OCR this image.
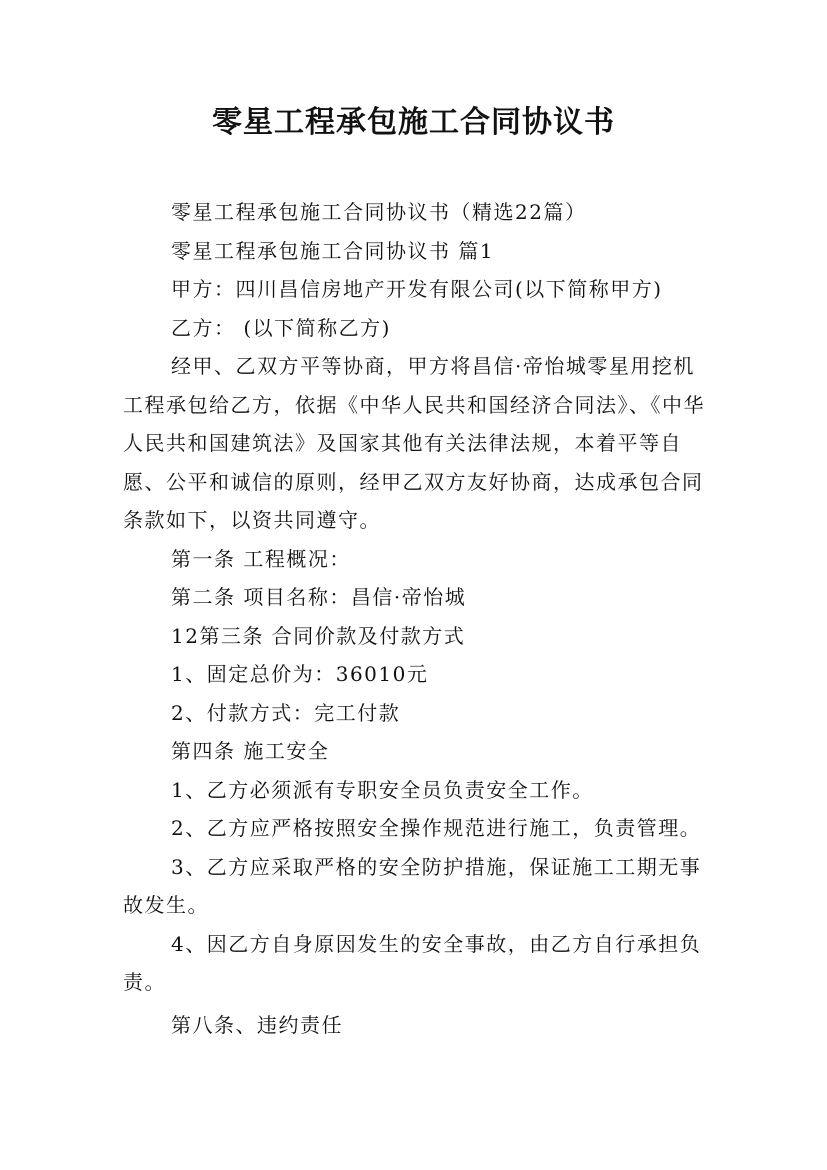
零星工程承包施工合同协议书

零星工程承包施工合同协议书（精选22篇）

零星工程承包施工合同协议书 篇1

甲方：四川昌信房地产开发有限公司(以下简称甲方)

乙方： (以下简称乙方)

经甲、乙双方平等协商，甲方将昌信·帝怡城零星用挖机工程承包给乙方，依据《中华人民共和国经济合同法》、《中华人民共和国建筑法》及国家其他有关法律法规，本着平等自愿、公平和诚信的原则，经甲乙双方友好协商，达成承包合同条款如下，以资共同遵守。

第一条 工程概况：

第二条 项目名称：昌信·帝怡城

12第三条 合同价款及付款方式

1、固定总价为：36010元

2、付款方式：完工付款

第四条 施工安全

1、乙方必须派有专职安全员负责安全工作。

2、乙方应严格按照安全操作规范进行施工，负责管理。

3、乙方应采取严格的安全防护措施，保证施工工期无事故发生。

4、因乙方自身原因发生的安全事故，由乙方自行承担负责。

第八条、违约责任
